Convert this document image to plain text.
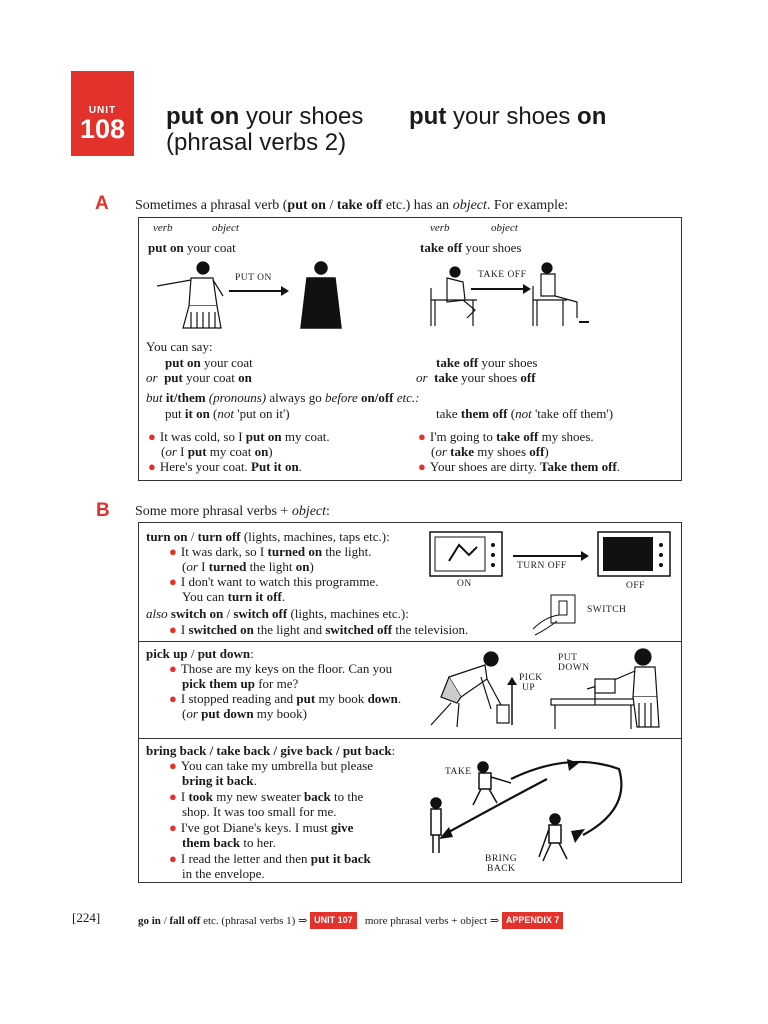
UNIT
108	put on your shoes
(phrasal verbs 2)
put your shoes on
A Sometimes a phrasal verb (put on / take off etc.) has an object. For example:
verb	object
put on your coat
verb	object
take off your shoes
PUT ON	TAKE OFF
You can say:
put on your coat
or put your coat on
take off your shoes
or take your shoes off
but it/them (pronouns) always go before on/off etc.:
put it on (not 'put on it')	take them off (not 'take off them')
● It was cold, so I put on my coat.
(or I put my coat on)
● Here's your coat. Put it on.
● I'm going to take off my shoes.
(or take my shoes off)
● Your shoes are dirty. Take them off.
B Some more phrasal verbs + object:
turn on / turn off (lights, machines, taps etc.):
● It was dark, so I turned on the light.
(or I turned the light on)
● I don't want to watch this programme.
You can turn it off.
also switch on / switch off (lights, machines etc.):
● I switched on the light and switched off the television.
ON
TURN OFF
OFF
SWITCH
pick up / put down:
● Those are my keys on the floor. Can you
pick them up for me?
● I stopped reading and put my book down.
(or put down my book)
PICK
UP
PUT
DOWN
bring back / take back / give back / put back:
● You can take my umbrella but please
bring it back.
● I took my new sweater back to the
shop. It was too small for me.
● I've got Diane's keys. I must give
them back to her.
● I read the letter and then put it back
in the envelope.
TAKE
BRING
BACK
[224]	go in / fall off etc. (phrasal verbs 1) ⇒ UNIT 107 more phrasal verbs + object ⇒ APPENDIX 7
